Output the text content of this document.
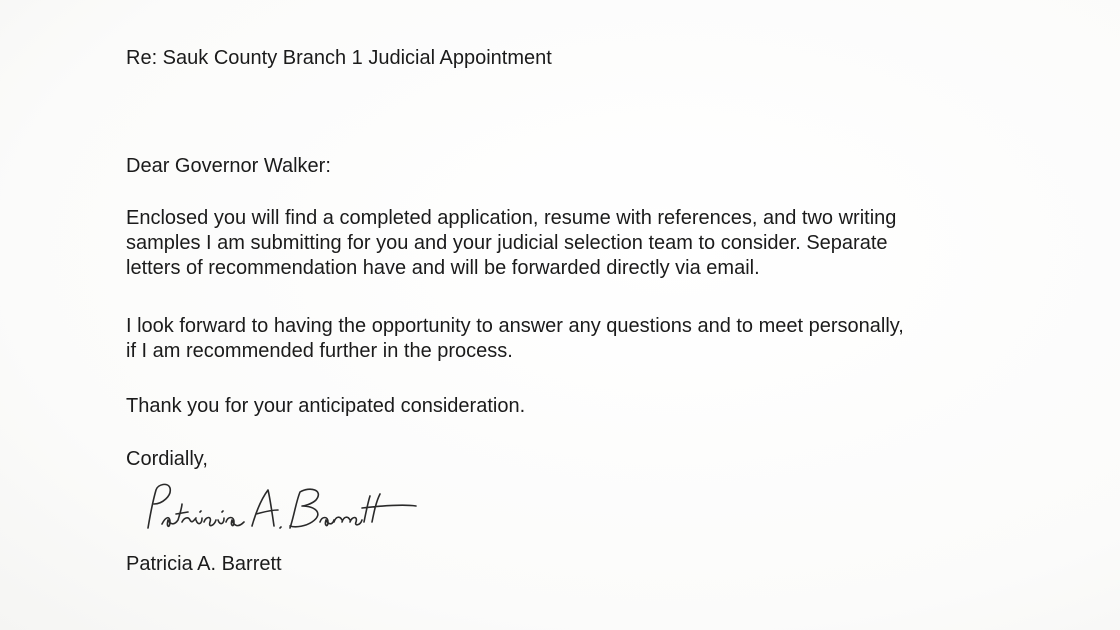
Re: Sauk County Branch 1 Judicial Appointment

Dear Governor Walker:

Enclosed you will find a completed application, resume with references, and two writing
samples I am submitting for you and your judicial selection team to consider. Separate
letters of recommendation have and will be forwarded directly via email.
I look forward to having the opportunity to answer any questions and to meet personally,
if I am recommended further in the process.
Thank you for your anticipated consideration.

Cordially,

Patricia A. Barrett
